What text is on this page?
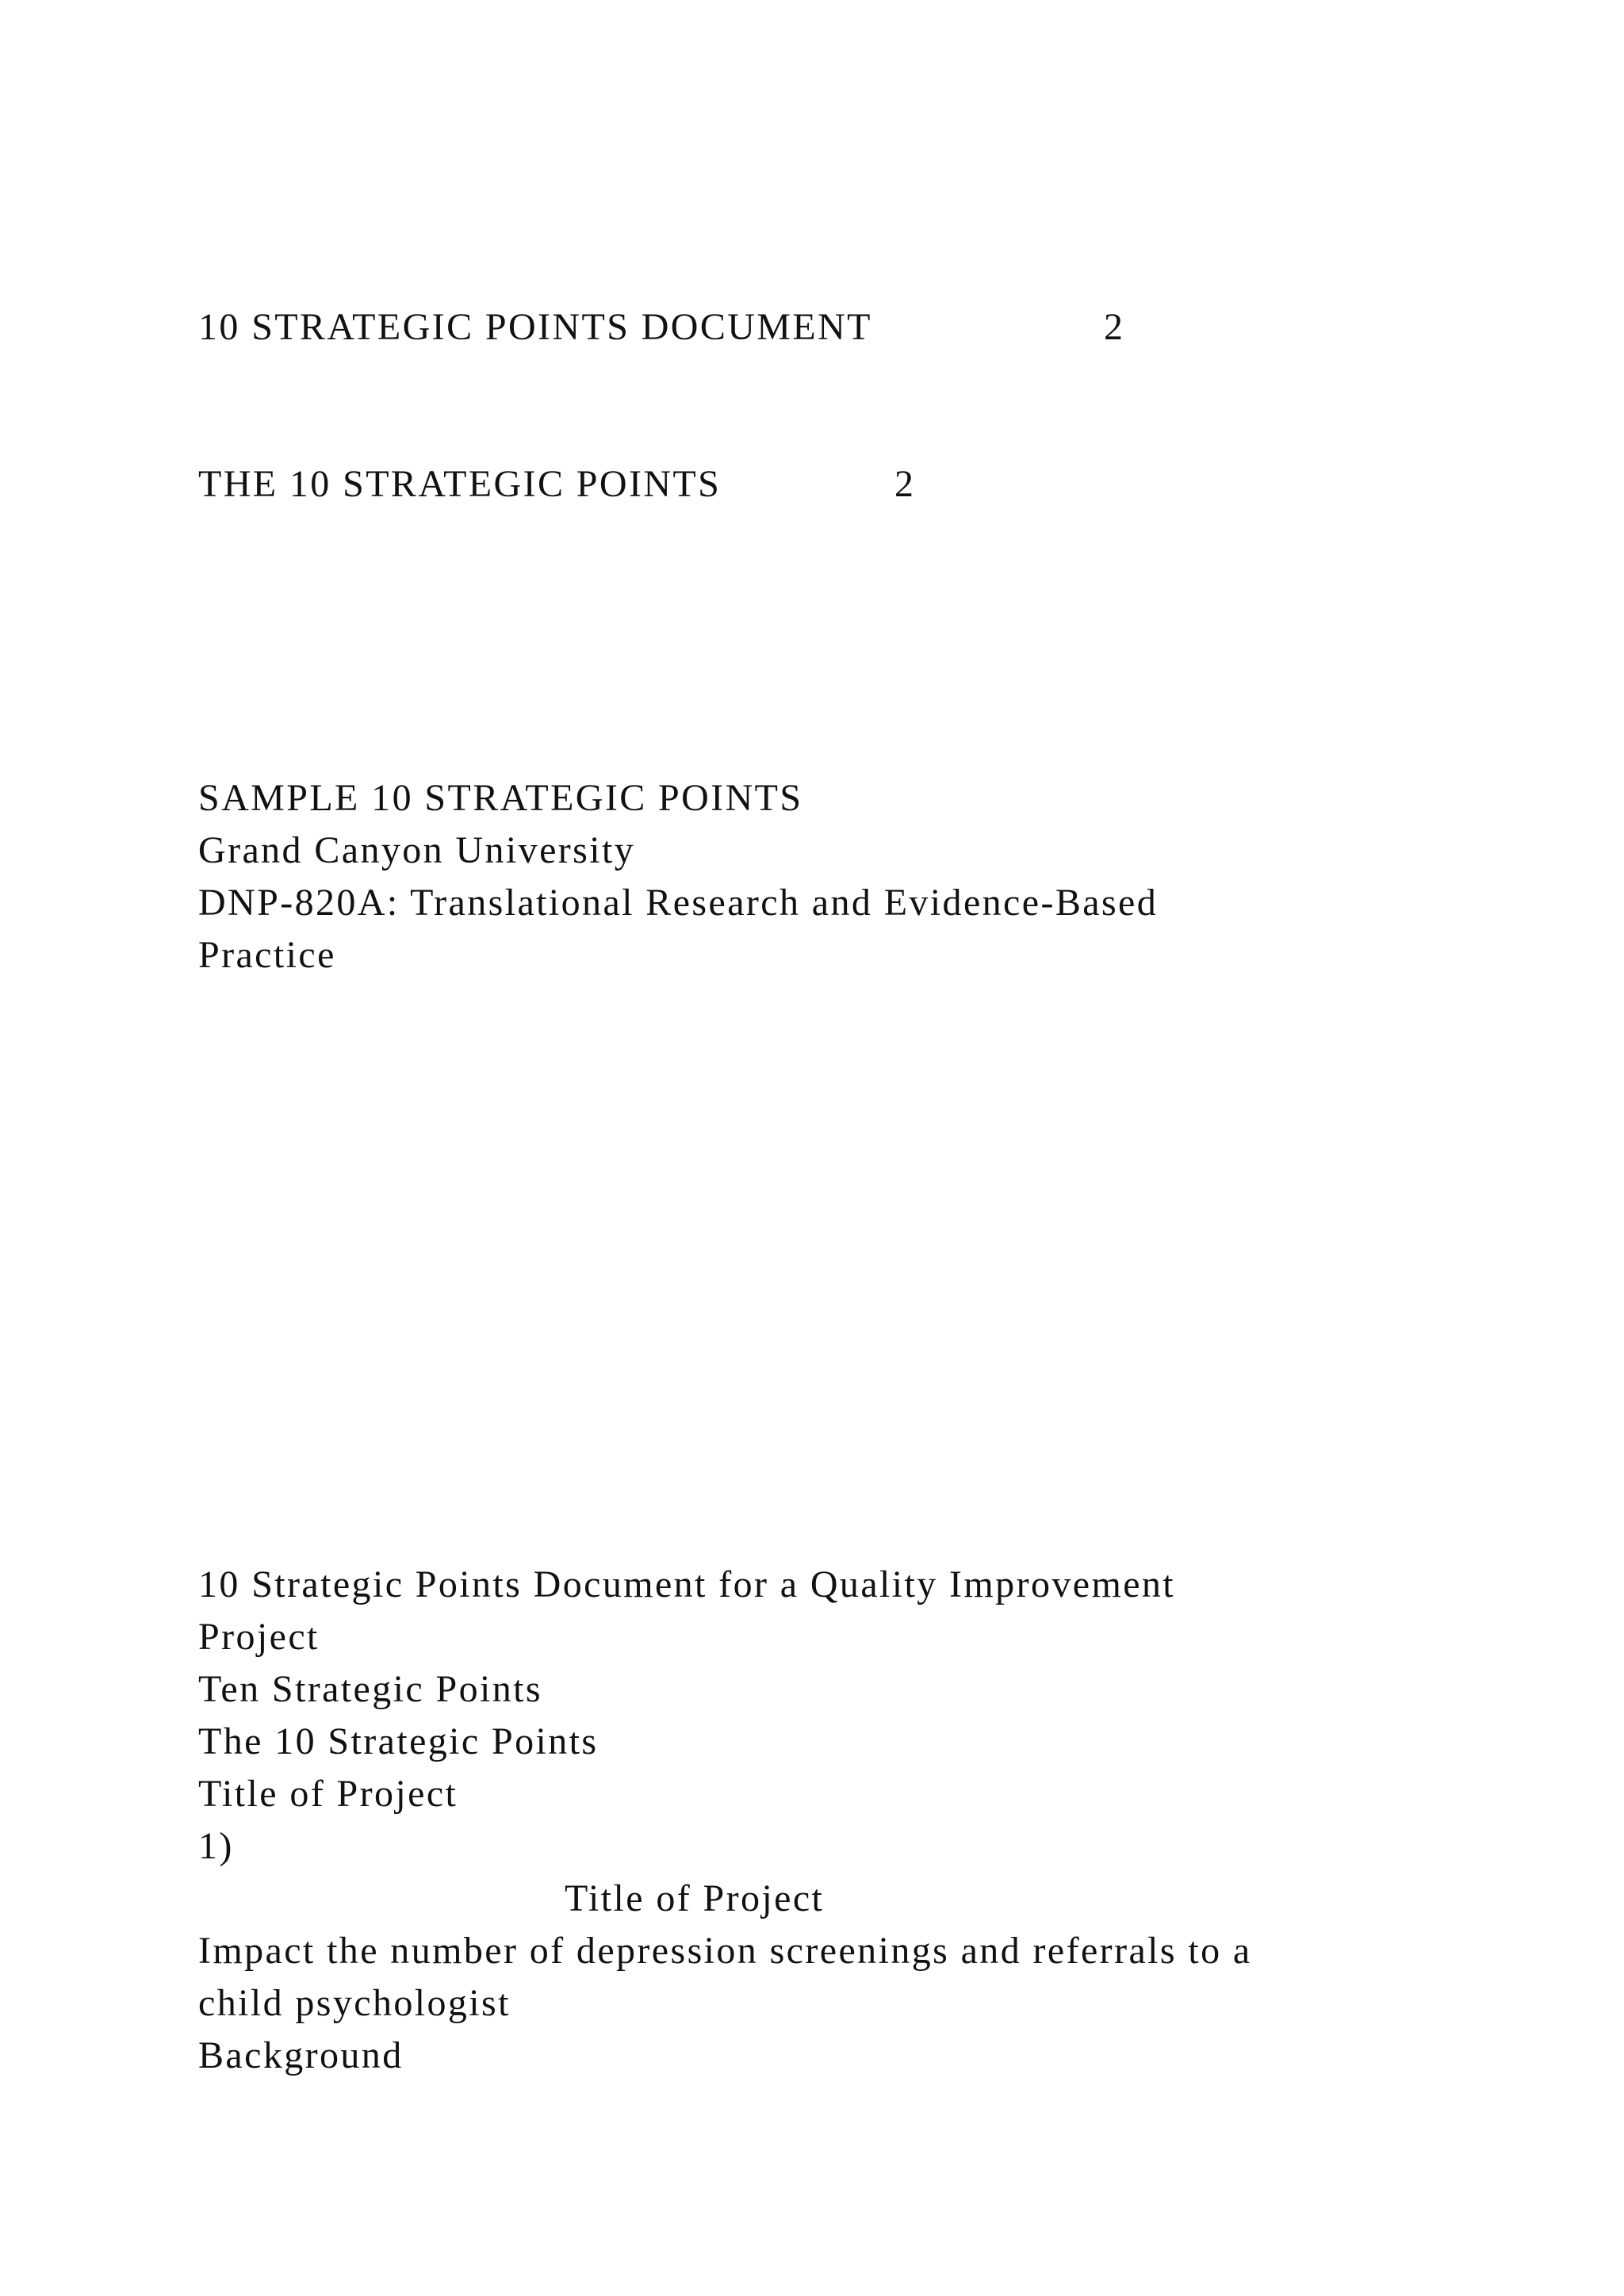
10 STRATEGIC POINTS DOCUMENT	2
THE 10 STRATEGIC POINTS	2
SAMPLE 10 STRATEGIC POINTS
Grand Canyon University
DNP-820A: Translational Research and Evidence-Based
Practice
10 Strategic Points Document for a Quality Improvement
Project
Ten Strategic Points
The 10 Strategic Points
Title of Project
1)
Title of Project
Impact the number of depression screenings and referrals to a
child psychologist
Background
